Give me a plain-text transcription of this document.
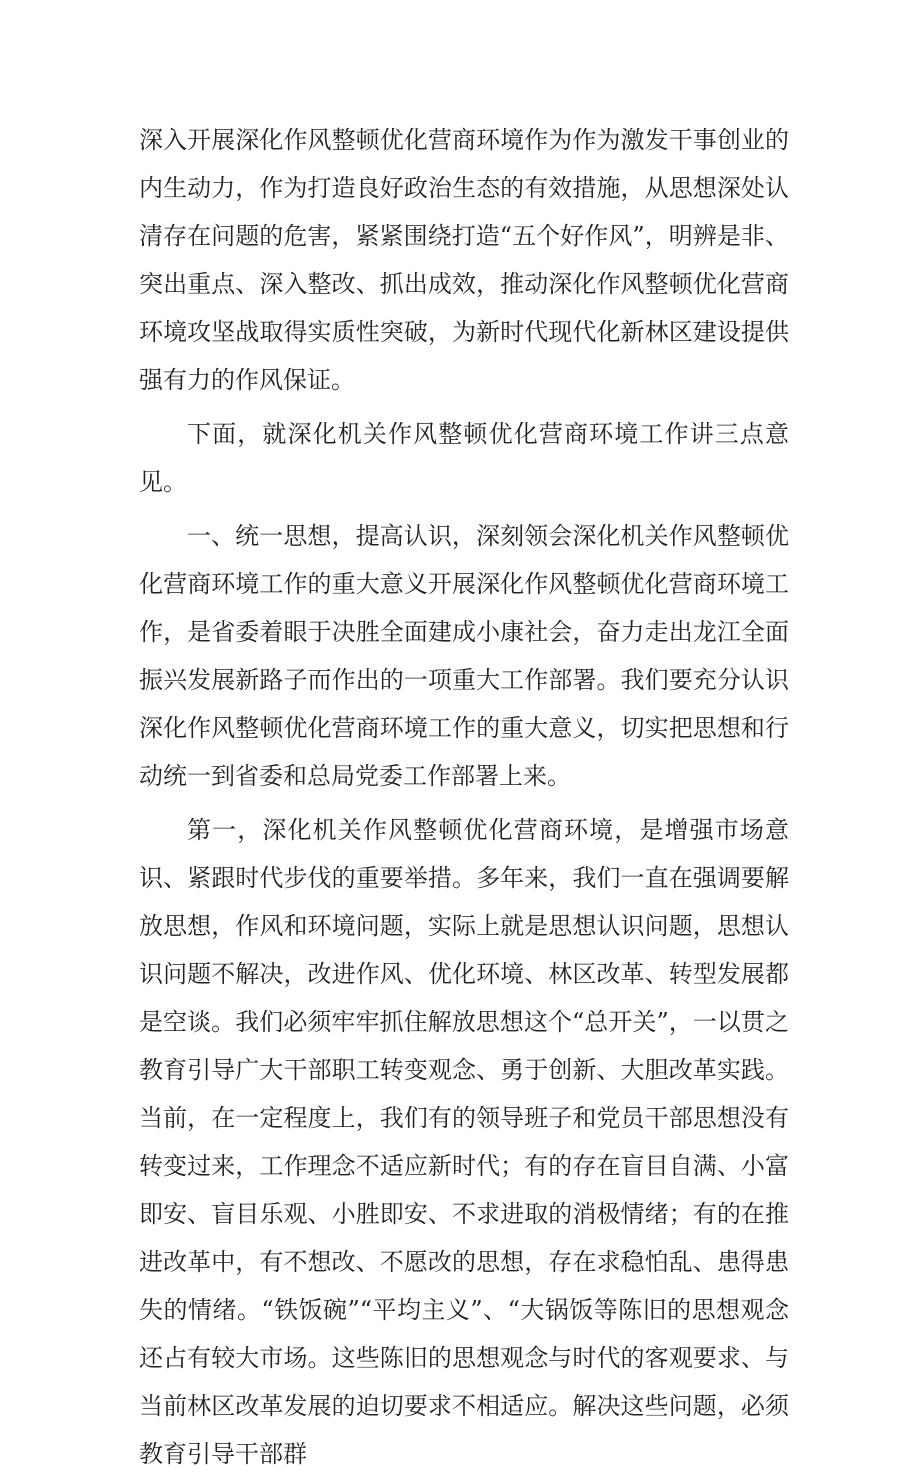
深入开展深化作风整顿优化营商环境作为作为激发干事创业的内生动力，作为打造良好政治生态的有效措施，从思想深处认清存在问题的危害，紧紧围绕打造“五个好作风”，明辨是非、突出重点、深入整改、抓出成效，推动深化作风整顿优化营商环境攻坚战取得实质性突破，为新时代现代化新林区建设提供强有力的作风保证。

下面，就深化机关作风整顿优化营商环境工作讲三点意见。

一、统一思想，提高认识，深刻领会深化机关作风整顿优化营商环境工作的重大意义开展深化作风整顿优化营商环境工作，是省委着眼于决胜全面建成小康社会，奋力走出龙江全面振兴发展新路子而作出的一项重大工作部署。我们要充分认识深化作风整顿优化营商环境工作的重大意义，切实把思想和行动统一到省委和总局党委工作部署上来。

第一，深化机关作风整顿优化营商环境，是增强市场意识、紧跟时代步伐的重要举措。多年来，我们一直在强调要解放思想，作风和环境问题，实际上就是思想认识问题，思想认识问题不解决，改进作风、优化环境、林区改革、转型发展都是空谈。我们必须牢牢抓住解放思想这个“总开关”，一以贯之教育引导广大干部职工转变观念、勇于创新、大胆改革实践。当前，在一定程度上，我们有的领导班子和党员干部思想没有转变过来，工作理念不适应新时代；有的存在盲目自满、小富即安、盲目乐观、小胜即安、不求进取的消极情绪；有的在推进改革中，有不想改、不愿改的思想，存在求稳怕乱、患得患失的情绪。“铁饭碗”“平均主义”、“大锅饭等陈旧的思想观念还占有较大市场。这些陈旧的思想观念与时代的客观要求、与当前林区改革发展的迫切要求不相适应。解决这些问题，必须教育引导干部群
